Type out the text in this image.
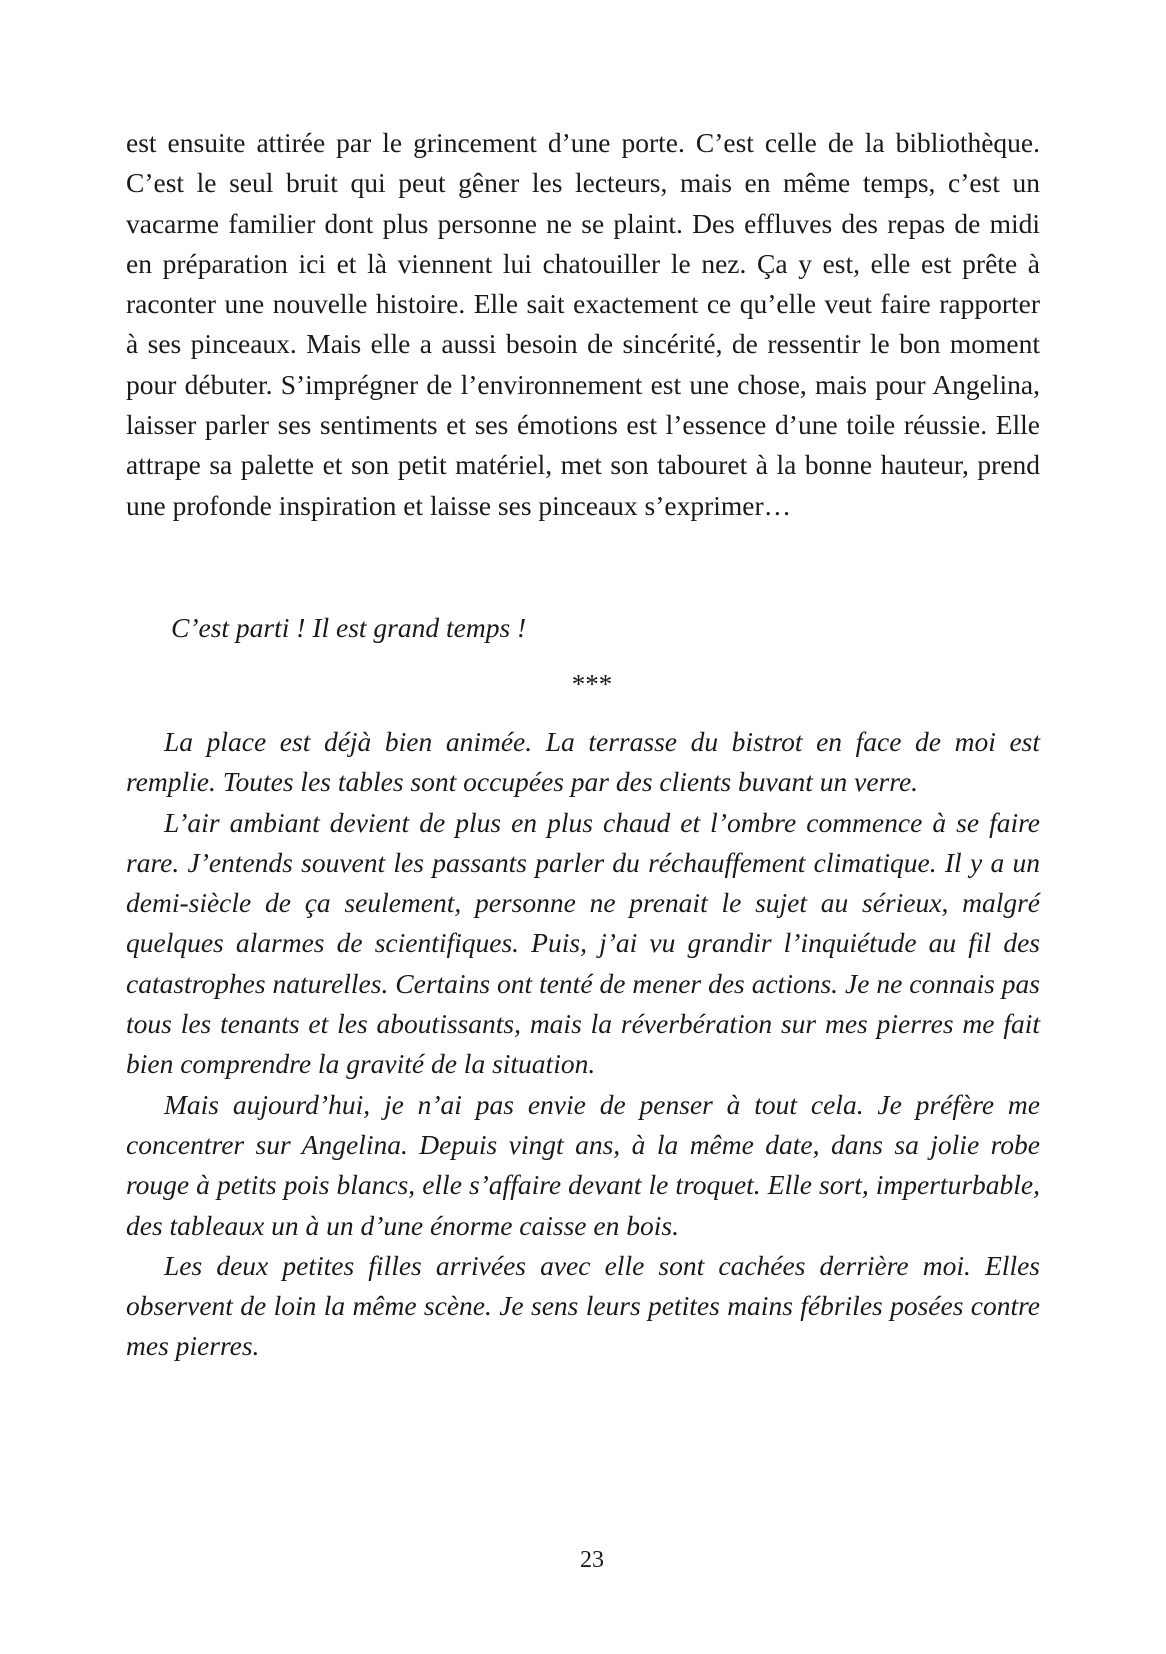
est ensuite attirée par le grincement d’une porte. C’est celle de la bibliothèque. C’est le seul bruit qui peut gêner les lecteurs, mais en même temps, c’est un vacarme familier dont plus personne ne se plaint. Des effluves des repas de midi en préparation ici et là viennent lui chatouiller le nez. Ça y est, elle est prête à raconter une nouvelle histoire. Elle sait exactement ce qu’elle veut faire rapporter à ses pinceaux. Mais elle a aussi besoin de sincérité, de ressentir le bon moment pour débuter. S’imprégner de l’environnement est une chose, mais pour Angelina, laisser parler ses sentiments et ses émotions est l’essence d’une toile réussie. Elle attrape sa palette et son petit matériel, met son tabouret à la bonne hauteur, prend une profonde inspiration et laisse ses pinceaux s’exprimer…

C’est parti ! Il est grand temps !

***

La place est déjà bien animée. La terrasse du bistrot en face de moi est remplie. Toutes les tables sont occupées par des clients buvant un verre.

L’air ambiant devient de plus en plus chaud et l’ombre commence à se faire rare. J’entends souvent les passants parler du réchauffement climatique. Il y a un demi-siècle de ça seulement, personne ne prenait le sujet au sérieux, malgré quelques alarmes de scientifiques. Puis, j’ai vu grandir l’inquiétude au fil des catastrophes naturelles. Certains ont tenté de mener des actions. Je ne connais pas tous les tenants et les aboutissants, mais la réverbération sur mes pierres me fait bien comprendre la gravité de la situation.

Mais aujourd’hui, je n’ai pas envie de penser à tout cela. Je préfère me concentrer sur Angelina. Depuis vingt ans, à la même date, dans sa jolie robe rouge à petits pois blancs, elle s’affaire devant le troquet. Elle sort, imperturbable, des tableaux un à un d’une énorme caisse en bois.

Les deux petites filles arrivées avec elle sont cachées derrière moi. Elles observent de loin la même scène. Je sens leurs petites mains fébriles posées contre mes pierres.

23
